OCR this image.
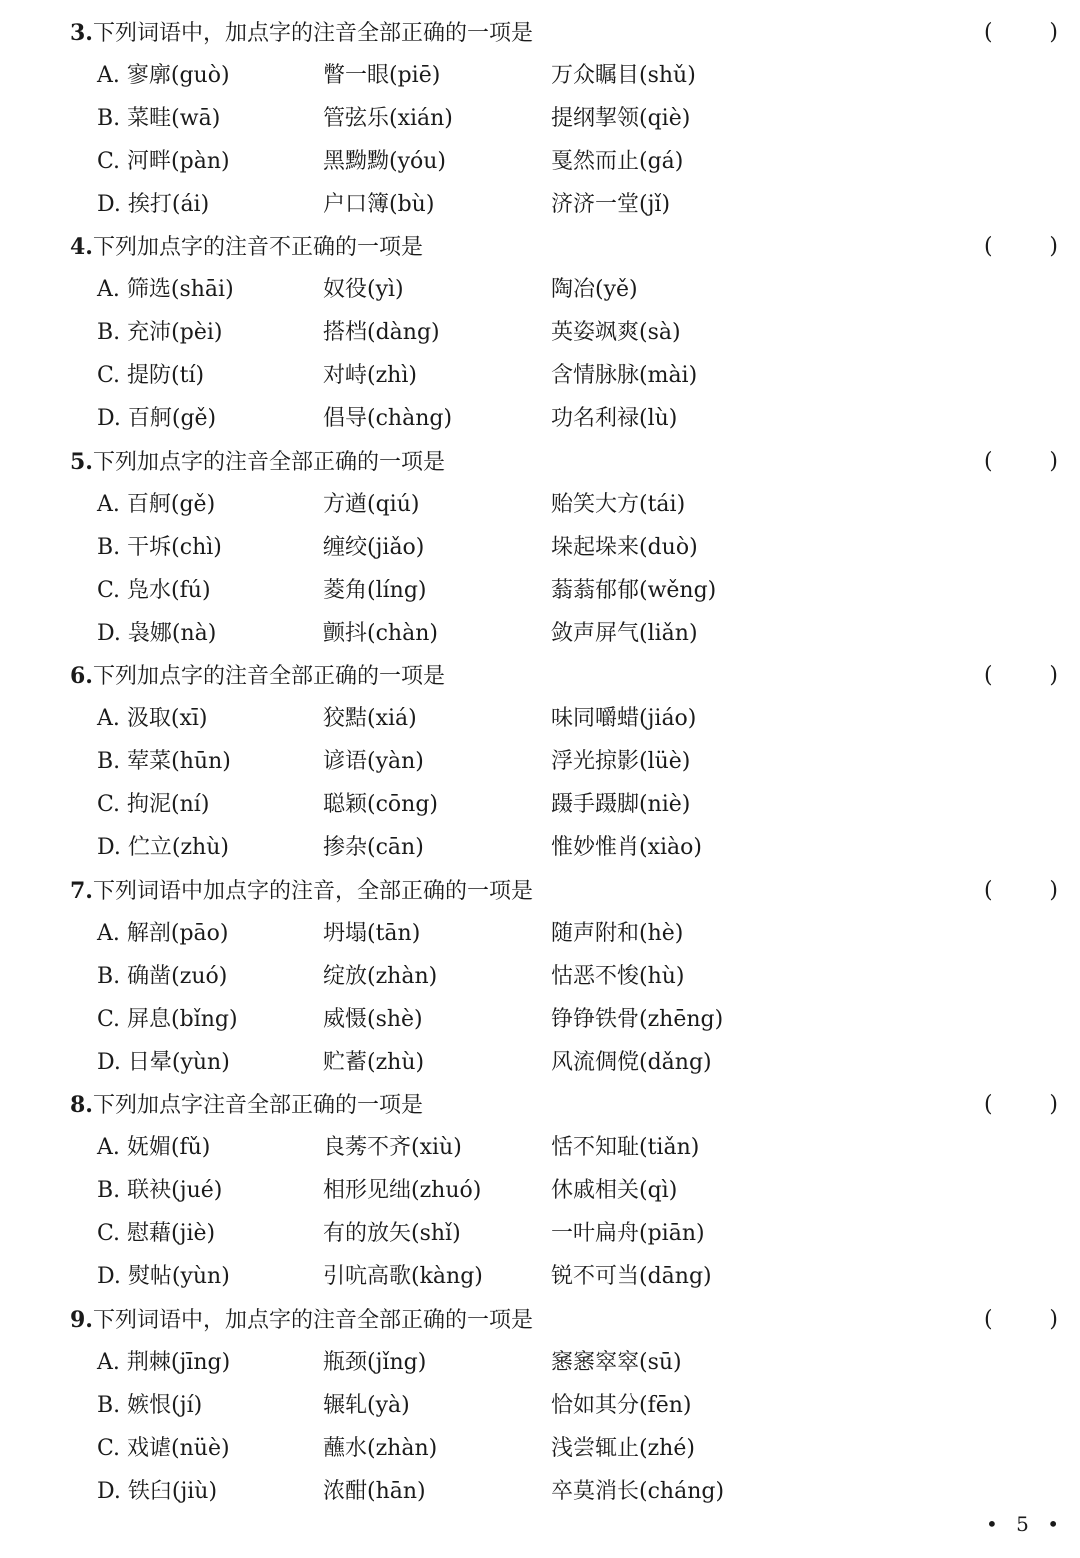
3.下列词语中，加点字的注音全部正确的一项是	(	)
A. 寥廓(guò)	瞥一眼(piē)	万众瞩目(shǔ)
B. 菜畦(wā)	管弦乐(xián)	提纲挈领(qiè)
C. 河畔(pàn)	黑黝黝(yóu)	戛然而止(gá)
D. 挨打(ái)	户口簿(bù)	济济一堂(jǐ)
4.下列加点字的注音不正确的一项是	(	)
A. 筛选(shāi)	奴役(yì)	陶冶(yě)
B. 充沛(pèi)	搭档(dàng)	英姿飒爽(sà)
C. 提防(tí)	对峙(zhì)	含情脉脉(mài)
D. 百舸(gě)	倡导(chàng)	功名利禄(lù)
5.下列加点字的注音全部正确的一项是	(	)
A. 百舸(gě)	方遒(qiú)	贻笑大方(tái)
B. 干坼(chì)	缠绞(jiǎo)	垛起垛来(duò)
C. 凫水(fú)	菱角(líng)	蓊蓊郁郁(wěng)
D. 袅娜(nà)	颤抖(chàn)	敛声屏气(liǎn)
6.下列加点字的注音全部正确的一项是	(	)
A. 汲取(xī)	狡黠(xiá)	味同嚼蜡(jiáo)
B. 荤菜(hūn)	谚语(yàn)	浮光掠影(lüè)
C. 拘泥(ní)	聪颖(cōng)	蹑手蹑脚(niè)
D. 伫立(zhù)	掺杂(cān)	惟妙惟肖(xiào)
7.下列词语中加点字的注音，全部正确的一项是	(	)
A. 解剖(pāo)	坍塌(tān)	随声附和(hè)
B. 确凿(zuó)	绽放(zhàn)	怙恶不悛(hù)
C. 屏息(bǐng)	威慑(shè)	铮铮铁骨(zhēng)
D. 日晕(yùn)	贮蓄(zhù)	风流倜傥(dǎng)
8.下列加点字注音全部正确的一项是	(	)
A. 妩媚(fǔ)	良莠不齐(xiù)	恬不知耻(tiǎn)
B. 联袂(jué)	相形见绌(zhuó)	休戚相关(qì)
C. 慰藉(jiè)	有的放矢(shǐ)	一叶扁舟(piān)
D. 熨帖(yùn)	引吭高歌(kàng)	锐不可当(dāng)
9.下列词语中，加点字的注音全部正确的一项是	(	)
A. 荆棘(jīng)	瓶颈(jǐng)	窸窸窣窣(sū)
B. 嫉恨(jí)	辗轧(yà)	恰如其分(fēn)
C. 戏谑(nüè)	蘸水(zhàn)	浅尝辄止(zhé)
D. 铁臼(jiù)	浓酣(hān)	卒莫消长(cháng)
• 5 •
